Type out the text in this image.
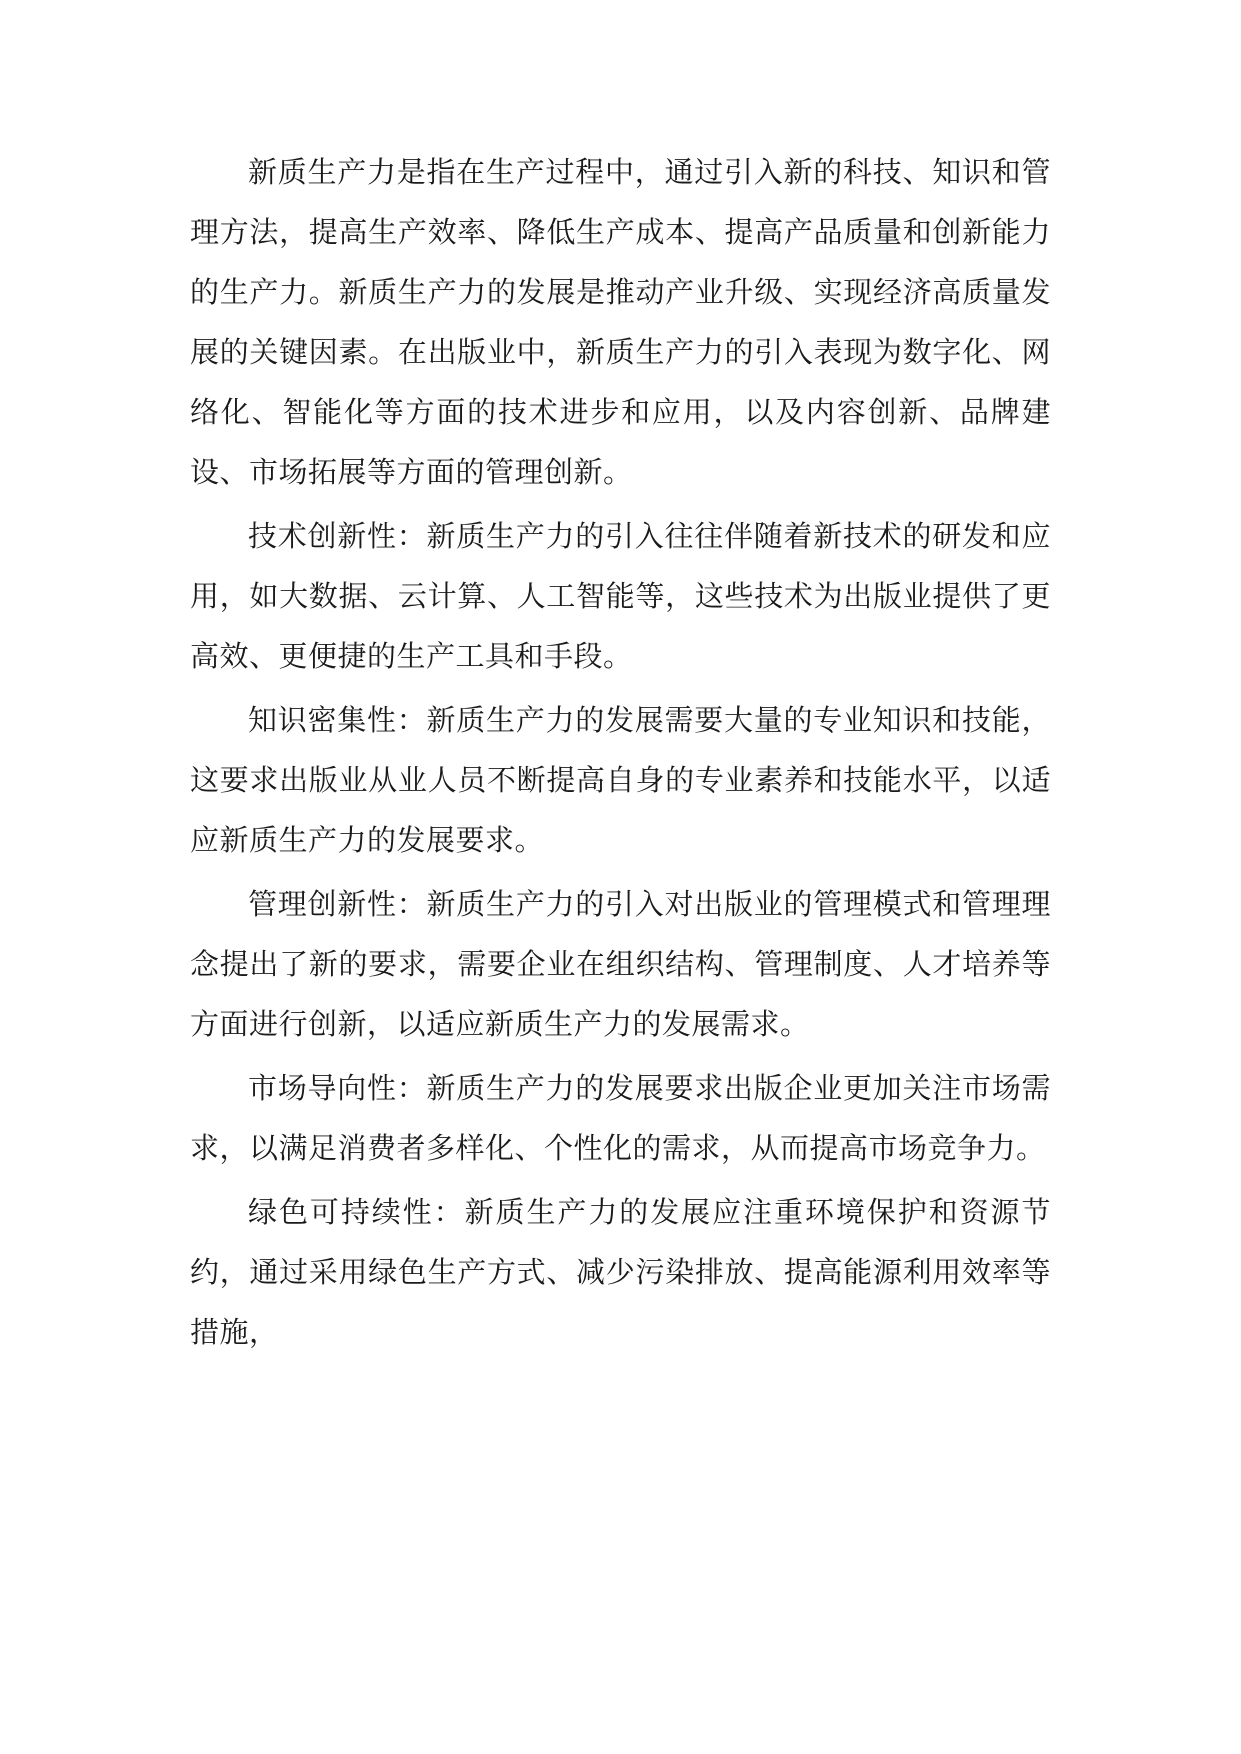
新质生产力是指在生产过程中，通过引入新的科技、知识和管理方法，提高生产效率、降低生产成本、提高产品质量和创新能力的生产力。新质生产力的发展是推动产业升级、实现经济高质量发展的关键因素。在出版业中，新质生产力的引入表现为数字化、网络化、智能化等方面的技术进步和应用，以及内容创新、品牌建设、市场拓展等方面的管理创新。

技术创新性：新质生产力的引入往往伴随着新技术的研发和应用，如大数据、云计算、人工智能等，这些技术为出版业提供了更高效、更便捷的生产工具和手段。

知识密集性：新质生产力的发展需要大量的专业知识和技能，这要求出版业从业人员不断提高自身的专业素养和技能水平，以适应新质生产力的发展要求。

管理创新性：新质生产力的引入对出版业的管理模式和管理理念提出了新的要求，需要企业在组织结构、管理制度、人才培养等方面进行创新，以适应新质生产力的发展需求。

市场导向性：新质生产力的发展要求出版企业更加关注市场需求，以满足消费者多样化、个性化的需求，从而提高市场竞争力。

绿色可持续性：新质生产力的发展应注重环境保护和资源节约，通过采用绿色生产方式、减少污染排放、提高能源利用效率等措施，
